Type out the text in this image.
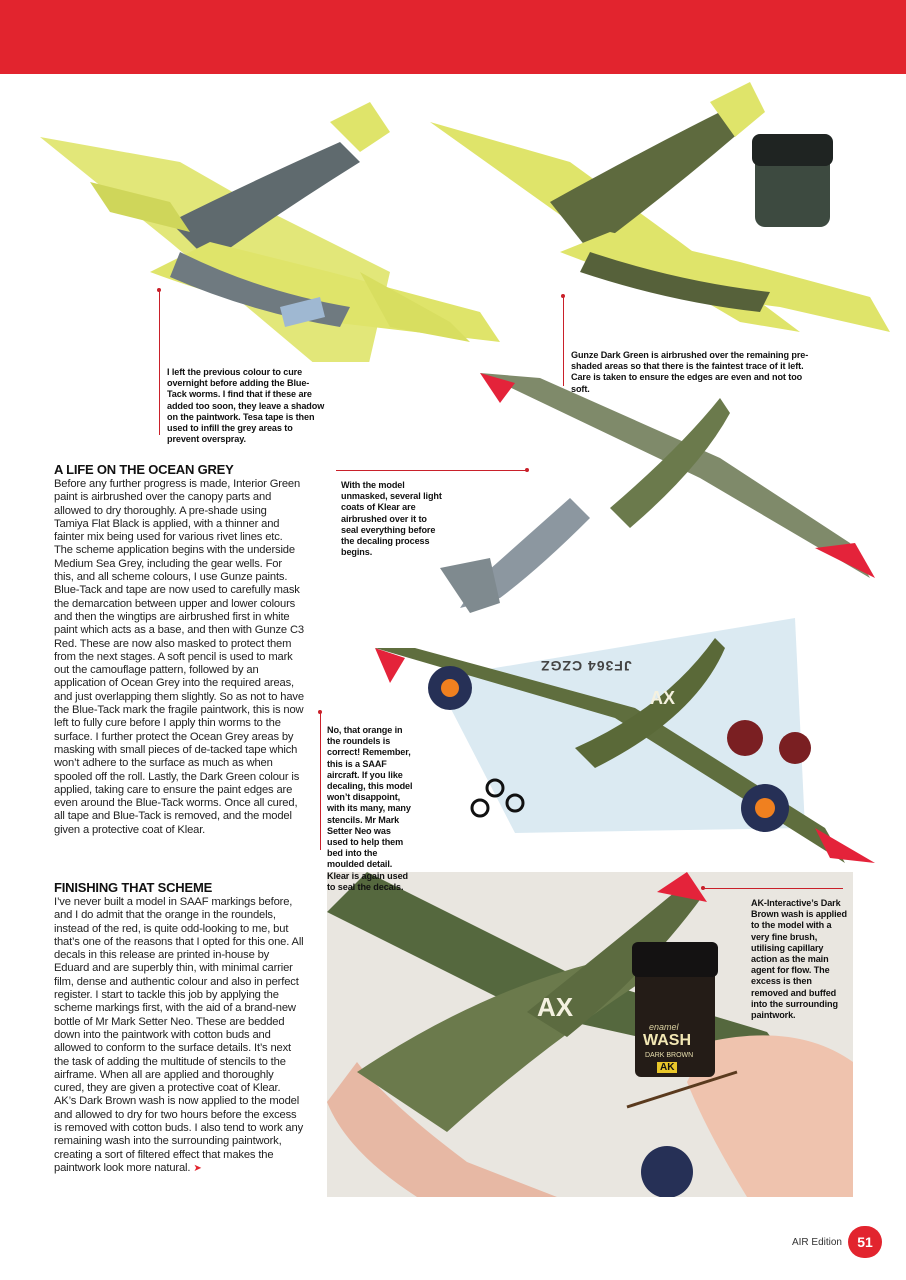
JF364 CZGZ
AX
enamel
WASH
DARK BROWN
AK
AX
I left the previous colour to cure overnight before adding the Blue-Tack worms. I find that if these are added too soon, they leave a shadow on the paintwork. Tesa tape is then used to infill the grey areas to prevent overspray.
Gunze Dark Green is airbrushed over the remaining pre-shaded areas so that there is the faintest trace of it left. Care is taken to ensure the edges are even and not too soft.
With the model unmasked, several light coats of Klear are airbrushed over it to seal everything before the decaling process begins.
No, that orange in the roundels is correct! Remember, this is a SAAF aircraft. If you like decaling, this model won’t disappoint, with its many, many stencils. Mr Mark Setter Neo was used to help them bed into the moulded detail. Klear is again used to seal the decals.
AK-Interactive’s Dark Brown wash is applied to the model with a very fine brush, utilising capillary action as the main agent for flow. The excess is then removed and buffed into the surrounding paintwork.
A LIFE ON THE OCEAN GREY

Before any further progress is made, Interior Green paint is airbrushed over the canopy parts and allowed to dry thoroughly. A pre-shade using Tamiya Flat Black is applied, with a thinner and fainter mix being used for various rivet lines etc. The scheme application begins with the underside Medium Sea Grey, including the gear wells. For this, and all scheme colours, I use Gunze paints. Blue-Tack and tape are now used to carefully mask the demarcation between upper and lower colours and then the wingtips are airbrushed first in white paint which acts as a base, and then with Gunze C3 Red. These are now also masked to protect them from the next stages. A soft pencil is used to mark out the camouflage pattern, followed by an application of Ocean Grey into the required areas, and just overlapping them slightly. So as not to have the Blue-Tack mark the fragile paintwork, this is now left to fully cure before I apply thin worms to the surface. I further protect the Ocean Grey areas by masking with small pieces of de-tacked tape which won’t adhere to the surface as much as when spooled off the roll. Lastly, the Dark Green colour is applied, taking care to ensure the paint edges are even around the Blue-Tack worms. Once all cured, all tape and Blue-Tack is removed, and the model given a protective coat of Klear.

FINISHING THAT SCHEME

I’ve never built a model in SAAF markings before, and I do admit that the orange in the roundels, instead of the red, is quite odd-looking to me, but that’s one of the reasons that I opted for this one. All decals in this release are printed in-house by Eduard and are superbly thin, with minimal carrier film, dense and authentic colour and also in perfect register. I start to tackle this job by applying the scheme markings first, with the aid of a brand-new bottle of Mr Mark Setter Neo. These are bedded down into the paintwork with cotton buds and allowed to conform to the surface details. It’s next the task of adding the multitude of stencils to the airframe. When all are applied and thoroughly cured, they are given a protective coat of Klear. AK’s Dark Brown wash is now applied to the model and allowed to dry for two hours before the excess is removed with cotton buds. I also tend to work any remaining wash into the surrounding paintwork, creating a sort of filtered effect that makes the paintwork look more natural. ➤

AIR Edition	51
